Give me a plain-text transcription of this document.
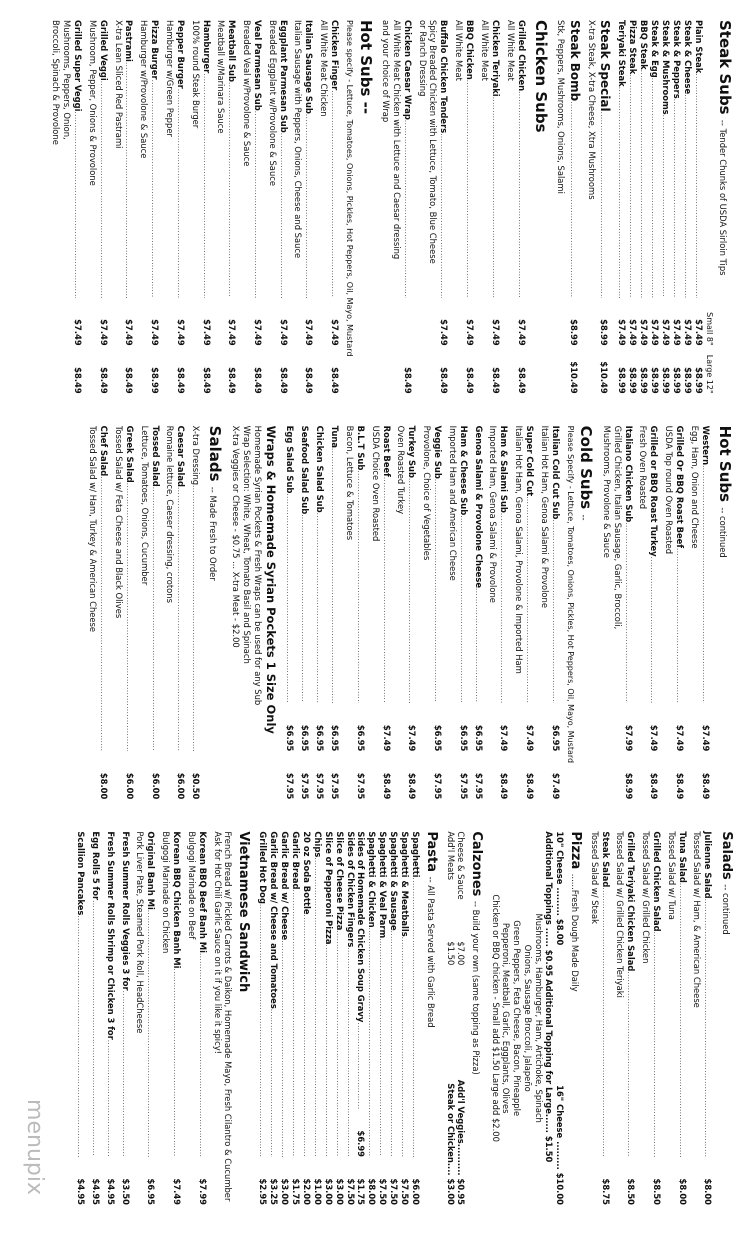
Steak Subs -- Tender Chunks of USDA Sirloin Tips
Small 8"
Large 12"
Plain Steak
.....
$7.49
$8.99
Steak & Cheese
.....
$7.49
$8.99
Steak & Peppers
.....
$7.49
$8.99
Steak & Mushrooms
.....
$7.49
$8.99
Steak & Egg
.....
$7.49
$8.99
BBQ Steak
.....
$7.49
$8.99
Pizza Steak
.....
$7.49
$8.99
Teriyaki Steak
.....
$7.49
$8.99
Steak Special
.....
$8.99
$10.49
X-tra Steak, X-tra Cheese, Xtra Mushrooms
Steak Bomb
.....
$8.99
$10.49
Stk, Peppers, Mushrooms, Onions, Salami
Chicken Subs
Grilled Chicken
.....
$7.49
$8.49
All White Meat
Chicken Teriyaki
.....
$7.49
$8.49
All White Meat
BBQ Chicken
.....
$7.49
$8.49
All White Meat
Buffalo Chicken Tenders
.....
$7.49
$8.49
Spicy Breaded Chicken with Lettuce, Tomato, Blue Cheese
or Ranch Dressing
Chicken Caesar Wrap
.....
$8.49
All White Meat Chicken with Lettuce and Caesar dressing
and your choice of Wrap
Hot Subs --
Please specify - Lettuce, Tomatoes, Onions, Pickles, Hot Peppers, Oil, Mayo, Mustard
Chicken Finger
.....
$7.49
$8.49
All White Meat Chicken
Italian Sausage Sub
.....
$7.49
$8.49
Italian Sausage with Peppers, Onions, Cheese and Sauce
Eggplant Parmesan Sub
.....
$7.49
$8.49
Breaded Eggplant w/Provolone & Sauce
Veal Parmesan Sub
.....
$7.49
$8.49
Breaded Veal w/Provolone & Sauce
Meatball Sub
.....
$7.49
$8.49
Meatball w/Marinara Sauce
Hamburger
.....
$7.49
$8.49
100% round Steak Burger
Pepper Burger
.....
$7.49
$8.49
Hamburger w/Green Pepper
Pizza Burger
.....
$7.49
$8.99
Hamburger w/Provolone & Sauce
Pastrami
.....
$7.49
$8.49
X-tra Lean Sliced Red Pastrami
Grilled Veggi
.....
$7.49
$8.49
Mushroom, Pepper, Onions & Provolone
Grilled Super Veggi
.....
$7.49
$8.49
Mushrooms, Peppers, Onion,
Broccoli, Spinach & Provolone
Hot Subs -- continued
Western
.....
$7.49
$8.49
Egg, Ham, Onion and Cheese
Grilled Or BBQ Roast Beef
.....
$7.49
$8.49
USDA Top round Oven Roasted
Grilled or BBQ Roast Turkey
.....
$7.49
$8.49
Fresh Oven Roasted
Italiano Chicken Sub
.....
$7.99
$8.99
Grilled Chicken, Italian Sausage, Garlic, Broccoli,
Mushrooms, Provolone & Sauce
Cold Subs --
Please Specify - Lettuce, Tomatoes, Onions, Pickles, Hot Peppers, Oil, Mayo, Mustard
Italian Cold Cut Sub
.....
$6.95
$7.49
Italian Hot Ham, Genoa Salami & Provolone
Super Cold Cut
.....
$7.49
$8.49
Italian Hot Ham, Genoa Salami, Provolone & Imported Ham
Ham & Salami Sub
.....
$7.49
$8.49
Imported Ham, Genoa Salami & Provolone
Genoa Salami & Provolone Cheese
.....
$6.95
$7.95
Ham & Cheese Sub
.....
$6.95
$7.95
Imported Ham and American Cheese
Veggie Sub
.....
$6.95
$7.95
Provolone, Choice of Vegetables
Turkey Sub
.....
$7.49
$8.49
Oven Roasted Turkey
Roast Beef
.....
$7.49
$8.49
USDA Choice Oven Roasted
B.L.T Sub
.....
$6.95
$7.95
Bacon, Lettuce & Tomatoes
Tuna
.....
$6.95
$7.95
Chicken Salad Sub
.....
$6.95
$7.95
Seafood Salad Sub
.....
$6.95
$7.95
Egg Salad Sub
.....
$6.95
$7.95
Wraps & Homemade Syrian Pockets 1 Size Only
Homemade Syrian Pockets & Fresh Wraps can be used for any Sub
Wrap Selection: White, Wheat, Tomato Basil and Spinach
X-tra Veggies or Cheese - $0.75 ... X-tra Meat - $2.00
Salads -- Made Fresh to Order
X-tra Dressing
.....
$0.50
Caesar Salad
.....
$6.00
Romaine lettuce, Caeser dressing, crotons
Tossed Salad
.....
$6.00
Lettuce, Tomatoes, Onions, Cucumber
Greek Salad
.....
$6.00
Tossed Salad w/ Feta Cheese and Black Olives
Chef Salad
.....
$8.00
Tossed Salad w/ Ham, Turkey & American Cheese
Salads -- continued
Julienne Salad
.....
$8.00
Tossed Salad w/ Ham, & American Cheese
Tuna Salad
.....
$8.00
Tossed Salad w/ Tuna
Grilled Chicken Salad
.....
$8.50
Tossed Salad w/ Grilled Chicken
Grilled Teriyaki Chicken Salad
.....
$8.50
Tossed Salad w/ Grilled Chicken Teriyaki
Steak Salad
.....
$8.75
Tossed Salad w/ Steak
Pizza ......Fresh Dough Made Daily
10" Cheese ......... $8.00
16" Cheese ......... $10.00
Additional Toppings ...... $0.95 Additional Topping for Large...... $1.50
Mushrooms, Hamburger, Ham, Artichoke, Spinach
Onions, Sausage Broccoli, Jalapeño
Green Peppers, Feta Cheese, Bacon, Pineapple
Pepperoni, Meatball, Garlic, Eggplants, Olives
Chicken or BBQ chicken - Small add $1.50 Large add $2.00
Calzones -- Build your own (same topping as Pizza)
Cheese & Sauce
$7.00
Add'l Veggies.......... $0.95
Add'l Meats
$1.50
Steak or Chicken.... $3.00
Pasta -- All Pasta Served with Garlic Bread
Spaghetti
.....
$6.00
Spaghetti & Meatballs
.....
$7.50
Spaghetti & Sausage
.....
$7.50
Spaghetti & Veal Parm
.....
$7.50
Spaghetti & Chicken
.....
$8.00
Sides of Homemade Chicken Soup Gravy
.....
$6.99
$1.75
Sides of Chicken Fingers
.....
$7.50
Slice of Cheese Pizza
.....
$3.00
Slice of Pepperoni Pizza
.....
$3.00
Chips
.....
$1.00
20 oz Soda Bottle
.....
$2.00
Garlic Bread
.....
$1.75
Garlic Bread w/ Cheese
.....
$3.00
Garlic Bread w/ Cheese and Tomatoes
.....
$3.25
Grilled Hot Dog
.....
$2.95
Vietnamese Sandwich
French Bread w/ Pickled Carrots & Daikon, Homemade Mayo, Fresh Cilantro & Cucumber
Ask for Hot Chili Garlic Sauce on it if you like it spicy!
Korean BBQ Beef Banh Mi
.....
$7.99
Bulgogi Marinade on Beef
Korean BBQ Chicken Banh Mi
.....
$7.49
Bulgogi Marinade on Chicken
Original Banh Mi
.....
$6.95
Pork Liver Pate, Steamed Pork Roll, HeadCheese
Fresh Summer Rolls Veggies 3 for
.....
$3.50
Fresh Summer Rolls Shrimp or Chicken 3 for
.....
$4.95
Egg Rolls 5 for
.....
$4.95
Scallion Pancakes
.....
$4.95
menupix
